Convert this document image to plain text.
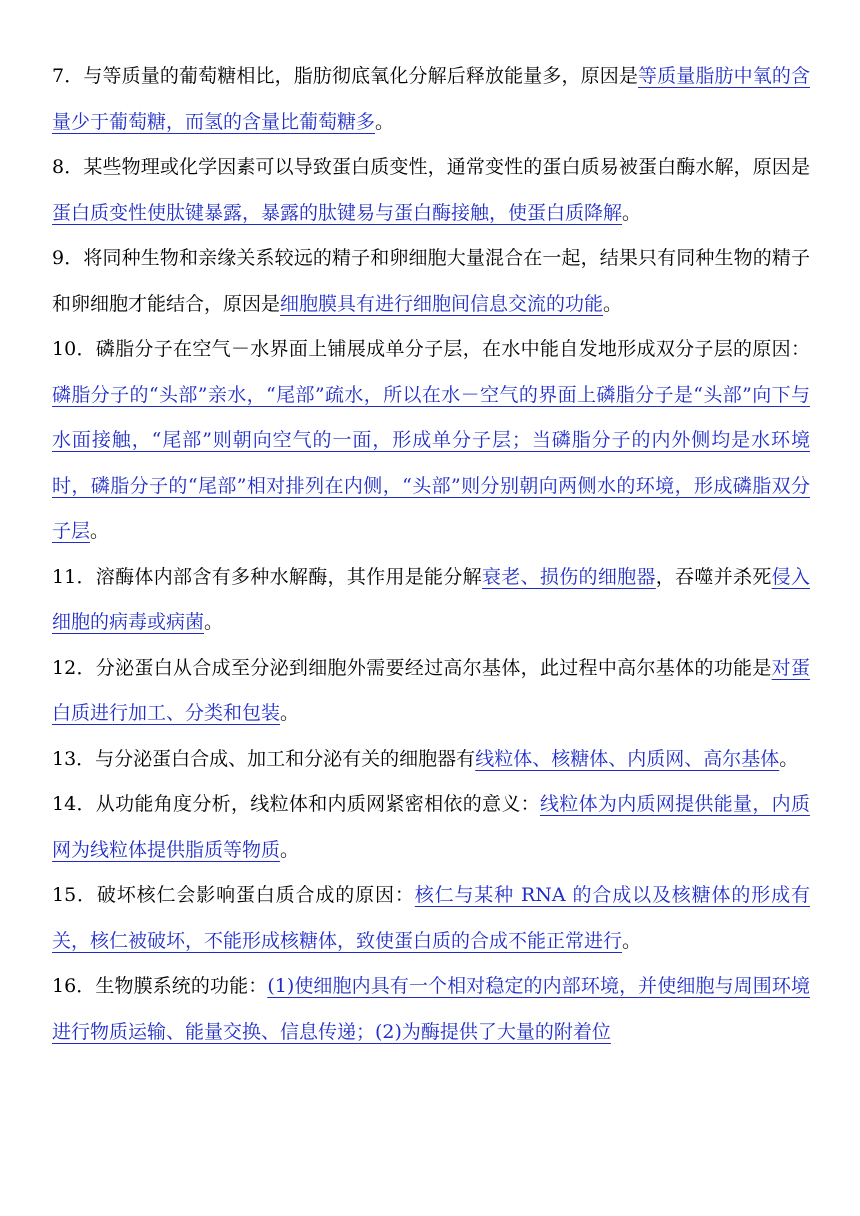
7．与等质量的葡萄糖相比，脂肪彻底氧化分解后释放能量多，原因是等质量脂肪中氧的含量少于葡萄糖，而氢的含量比葡萄糖多。

8．某些物理或化学因素可以导致蛋白质变性，通常变性的蛋白质易被蛋白酶水解，原因是蛋白质变性使肽键暴露，暴露的肽键易与蛋白酶接触，使蛋白质降解。

9．将同种生物和亲缘关系较远的精子和卵细胞大量混合在一起，结果只有同种生物的精子和卵细胞才能结合，原因是细胞膜具有进行细胞间信息交流的功能。

10．磷脂分子在空气－水界面上铺展成单分子层，在水中能自发地形成双分子层的原因：磷脂分子的“头部”亲水，“尾部”疏水，所以在水－空气的界面上磷脂分子是“头部”向下与水面接触，“尾部”则朝向空气的一面，形成单分子层；当磷脂分子的内外侧均是水环境时，磷脂分子的“尾部”相对排列在内侧，“头部”则分别朝向两侧水的环境，形成磷脂双分子层。

11．溶酶体内部含有多种水解酶，其作用是能分解衰老、损伤的细胞器，吞噬并杀死侵入细胞的病毒或病菌。

12．分泌蛋白从合成至分泌到细胞外需要经过高尔基体，此过程中高尔基体的功能是对蛋白质进行加工、分类和包装。

13．与分泌蛋白合成、加工和分泌有关的细胞器有线粒体、核糖体、内质网、高尔基体。

14．从功能角度分析，线粒体和内质网紧密相依的意义：线粒体为内质网提供能量，内质网为线粒体提供脂质等物质。

15．破坏核仁会影响蛋白质合成的原因：核仁与某种 RNA 的合成以及核糖体的形成有关，核仁被破坏，不能形成核糖体，致使蛋白质的合成不能正常进行。

16．生物膜系统的功能：(1)使细胞内具有一个相对稳定的内部环境，并使细胞与周围环境进行物质运输、能量交换、信息传递；(2)为酶提供了大量的附着位
